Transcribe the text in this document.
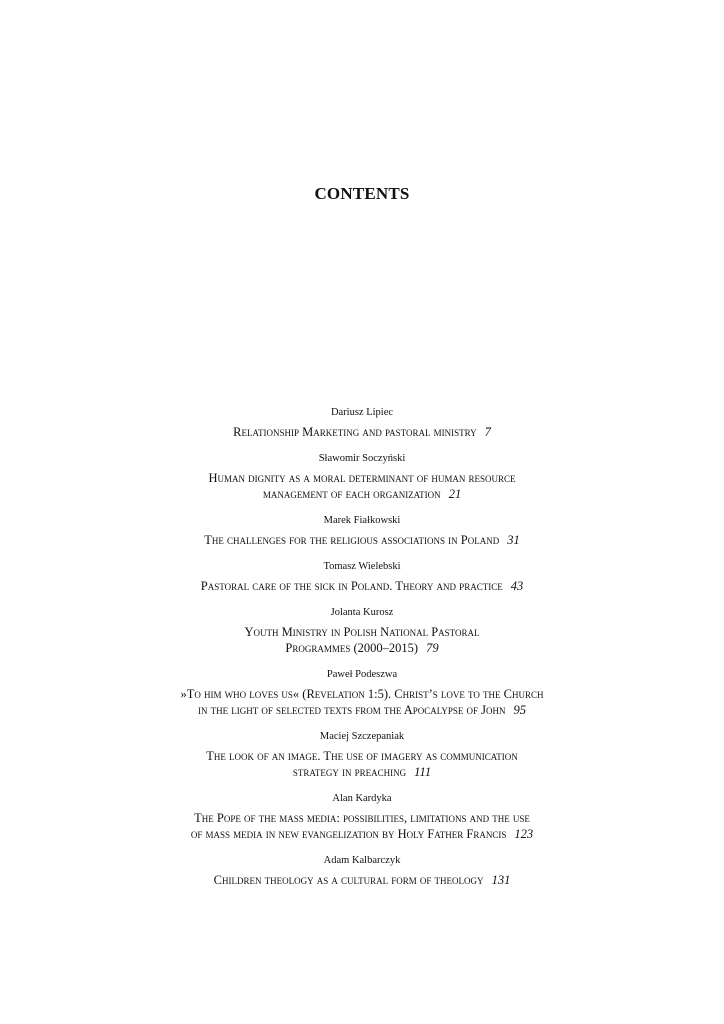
CONTENTS
Dariusz Lipiec
Relationship Marketing and pastoral ministry 7
Sławomir Soczyński
Human dignity as a moral determinant of human resource
management of each organization 21
Marek Fiałkowski
The challenges for the religious associations in Poland 31
Tomasz Wielebski
Pastoral care of the sick in Poland. Theory and practice 43
Jolanta Kurosz
Youth Ministry in Polish National Pastoral
Programmes (2000–2015) 79
Paweł Podeszwa
»To him who loves us« (Revelation 1:5). Christ’s love to the Church
in the light of selected texts from the Apocalypse of John 95
Maciej Szczepaniak
The look of an image. The use of imagery as communication
strategy in preaching 111
Alan Kardyka
The Pope of the mass media: possibilities, limitations and the use
of mass media in new evangelization by Holy Father Francis 123
Adam Kalbarczyk
Children theology as a cultural form of theology 131
